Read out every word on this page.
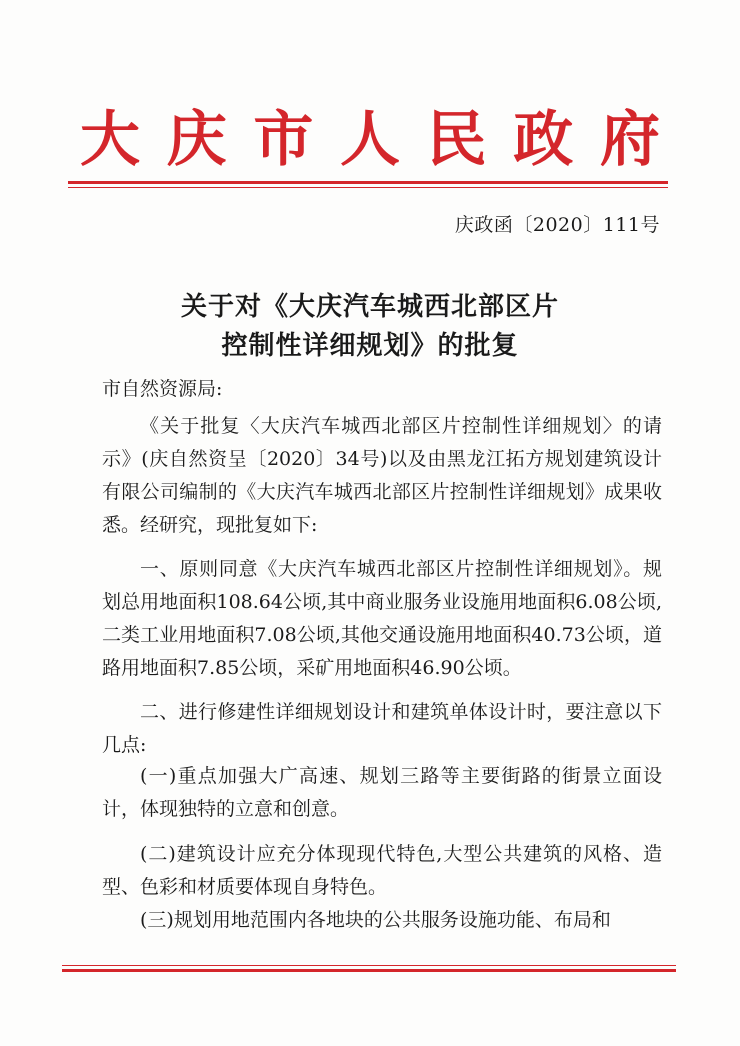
大 庆 市 人 民 政 府
庆政函〔2020〕111号
关于对《大庆汽车城西北部区片
控制性详细规划》的批复
市自然资源局:

《关于批复〈大庆汽车城西北部区片控制性详细规划〉的请示》(庆自然资呈〔2020〕34号)以及由黑龙江拓方规划建筑设计有限公司编制的《大庆汽车城西北部区片控制性详细规划》成果收悉。经研究，现批复如下:

一、原则同意《大庆汽车城西北部区片控制性详细规划》。规划总用地面积108.64公顷,其中商业服务业设施用地面积6.08公顷,二类工业用地面积7.08公顷,其他交通设施用地面积40.73公顷，道路用地面积7.85公顷，采矿用地面积46.90公顷。

二、进行修建性详细规划设计和建筑单体设计时，要注意以下几点:

(一)重点加强大广高速、规划三路等主要街路的街景立面设计，体现独特的立意和创意。

(二)建筑设计应充分体现现代特色,大型公共建筑的风格、造型、色彩和材质要体现自身特色。

(三)规划用地范围内各地块的公共服务设施功能、布局和
